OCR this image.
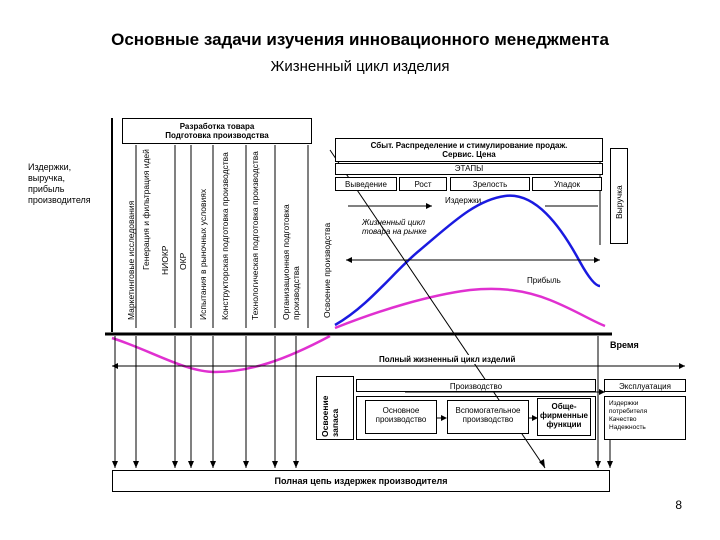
Основные задачи изучения инновационного менеджмента
Жизненный цикл изделия
Издержки,
выручка,
прибыль
производителя
Разработка товара
Подготовка производства
Маркетинговые исследования Генерация и фильтрация идей НИОКР ОКР Испытания в рыночных условиях Конструкторская подготовка производства	Технологическая подготовка производства	Организационная подготовка производства Освоение производства
Сбыт. Распределение и стимулирование продаж.
Сервис. Цена
ЭТАПЫ
Выведение	Рост	Зрелость	Упадок
Издержки	Выручка
Жизненный цикл товара на рынке
Прибыль
Время
Полный жизненный цикл изделий
Освоение запаса
Производство
Основное производство
Вспомогательное производство
Обще-фирменные функции
Эксплуатация
Издержки
потребителя
Качество
Надежность
Полная цепь издержек производителя
8
